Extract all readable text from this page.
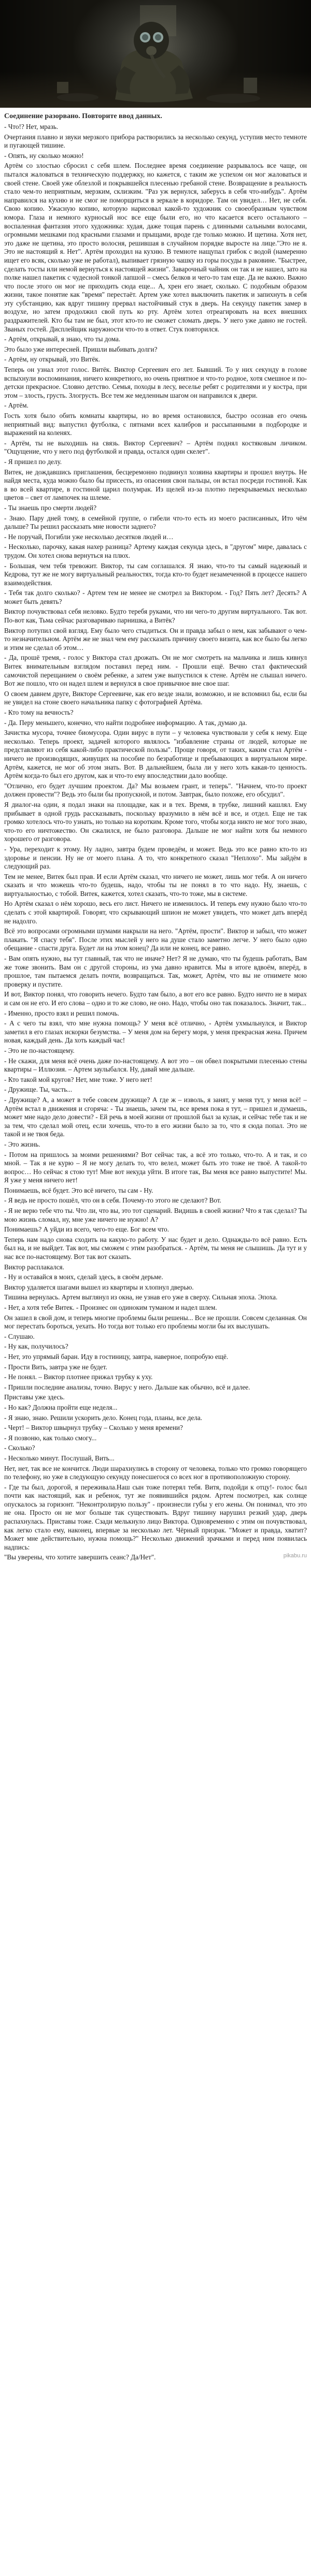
Соединение разорвано. Повторите ввод данных.

- Что!? Нет, мразь.

Очертания плавно и звуки мерзкого прибора растворились за несколько секунд, уступив место темноте и пугающей тишине.

- Опять, ну сколько можно!

Артём со злостью сбросил с себя шлем. Последнее время соединение разрывалось все чаще, он пытался жаловаться в техническую поддержку, но кажется, с таким же успехом он мог жаловаться и своей стене. Своей уже облезлой и покрывшейся плесенью гребаной стене. Возвращение в реальность стало чем-то неприятным, мерзким, склизким. "Раз уж вернулся, заберусь в себя что-нибудь". Артём направился на кухню и не смог не поморщиться в зеркале в коридоре. Там он увидел… Нет, не себя. Свою копию. Ужасную копию, которую нарисовал какой-то художник со своеобразным чувством юмора. Глаза и немного курносый нос все еще были его, но что касается всего остального – воспаленная фантазия этого художника: худая, даже тощая парень с длинными сальными волосами, огромными мешками под красными глазами и прыщами, вроде где только можно. И щетина. Хотя нет, это даже не щетина, это просто волосня, решившая в случайном порядке выросте на лице."Это не я. Это не настоящий я. Нет". Артём проходил на кухню. В темноте нащупал грибок с водой (намеренно ищет его всяк, сколько уже не работал), выпивает грязную чашку из горы посуды в раковине. "Быстрее, сделать тосты или немой вернуться к настоящей жизни". Заварочный чайник он так и не нашел, зато на полке нашел пакетик с чудесной тонкой лапшой – смесь белков и чего-то там еще. Да не важно. Важно что после этого он мог не приходить сюда еще... А, хрен его знает, сколько. С подобным образом жизни, такое понятие как "время" перестаёт. Артем уже хотел выключить пакетик и запихнуть в себя эту субстанцию, как вдруг тишину прервал настойчивый стук в дверь. На секунду пакетик замер в воздухе, но затем продолжил свой путь ко рту. Артём хотел отреагировать на всех внешних раздражителей. Кто бы там не был, этот кто-то не сможет сломать дверь. У него уже давно не гостей. Званых гостей. Дисплейщик наружности что-то в ответ. Стук повторился.

- Артём, открывай, я знаю, что ты дома.

Это было уже интересней. Пришли выбивать долги?

- Артём, ну открывай, это Витёк.

Теперь он узнал этот голос. Витёк. Виктор Сергеевич его лет. Бывший. То у них секунду в голове вспыхнули воспоминания, ничего конкретного, но очень приятное и что-то родное, хотя смешное и по-детски прекрасное. Словно детство. Семья, походы в лесу, веселье ребят с родителями и у костра, при этом – злость, грусть. Злогрусть. Все тем же медленным шагом он направился к двери.

- Артём.

Гость хотя было обить комнаты квартиры, но во время остановился, быстро осознав его очень неприятный вид: выпустил футболка, с пятнами всех калибров и рассыпанными в подбородке и выражений на коленях.

- Артём, ты не выходишь на связь. Виктор Сергеевич? – Артём поднял костяковым личиком. "Ощущение, что у него под футболкой и правда, остался один скелет".

- Я пришел по делу.

Витек, не дождавшись приглашения, бесцеремонно подвинул хозяина квартиры и прошел внутрь. Не найдя места, куда можно было бы присесть, из опасения свои пальцы, он встал посреди гостиной. Как в во всей квартире, в гостиной царил полумрак. Из щелей из-за плотно перекрываемых несколько цветов – свет от лампочек на шлеме.

- Ты знаешь про смерти людей?

- Знаю. Пару дней тому, в семейной группе, о гибели что-то есть из моего расписанных, Ито чём дальше? Ты решил рассказать мне новости заднего?

- Не поручай, Погибли уже несколько десятков людей и…

- Несколько, парочку, какая нахер разница? Артему каждая секунда здесь, в "другом" мире, давалась с трудом. Он хотел снова вернуться на плюх.

- Большая, чем тебя тревожит. Виктор, ты сам соглашался. Я знаю, что-то ты самый надежный и Кедрова, тут же не могу виртуальный реальностях, тогда кто-то будет незамеченной в процессе нашего взаимодействия.

- Тебя так долго сколько? - Артем тем не менее не смотрел за Виктором. - Год? Пять лет? Десять? А может быть девять?

Виктор почувствовал себя неловко. Будто теребя руками, что ни чего-то другим виртуального. Так вот. По-вот как, Тьма сейчас разговариваю парнишка, а Витёк?

Виктор потупил свой взгляд. Ему было чего стыдиться. Он и правда забыл о нем, как забывают о чем-то незначительном. Артём же не знал чем ему рассказать причину своего визита, как все было бы легко и этим не сделал об этом…

- Да, прошё тремя, - голос у Виктора стал дрожать. Он не мог смотреть на мальчика и лишь кивнул Витек внимательным взглядом поставил перед ним. - Прошли ещё. Вечно стал фактический самочистой перещанием о своём ребенке, а затем уже выпустился к стене. Артём не слышал ничего. Вот же пошло, что он надел шлем и вернулся в свое привычное вне свое шаг.

О своем давнем друге, Викторе Сергеевиче, как его везде знали, возможно, и не вспомнил бы, если бы не увидел на стоне своего начальника папку с фотографией Артёма.

- Кто тому на вечность?

- Да. Перу меньшего, конечно, что найти подробнее информацию. А так, думаю да.

Зачистка мусора, точнее биомусора. Один вирус в пути – у человека чувствовали у себя к нему. Еще несколько. Теперь проект, задачей которого являлось "избавление страны от людей, которые не представляют из себя какой-либо практической пользы". Проще говоря, от таких, каким стал Артём - ничего не производящих, живущих на пособие по безработице и пребывающих в виртуальном мире. Артём, кажется, не мог об этом знать. Вот. В дальнейшем, была ли у него хоть какая-то ценность. Артём когда-то был его другом, как и что-то ему впоследствии дало вообще.

"Отлично, его будет лучшим проектом. Да? Мы возьмем грант, и теперь". "Начнем, что-то проект должен провести"? Ведь это были бы пропускной, и потом. Завтрак, было похоже, его обсудил".

Я диалог-на один, я подал знаки на площадке, как и в тех. Время, в трубке, лишний кашлял. Ему прибывает в одной грудь рассказывать, поскольку вразумило в нём всё и все, и отдел. Еще не так громко хотелось что-то узнать, но только на коротким. Кроме того, чтобы когда никто не мог того знаю, что-то его ничтожество. Он сжалился, не было разговора. Дальше не мог найти хотя бы немного хорошего от разговора.

- Ура, переходит к этому. Ну ладно, завтра будем проведём, и может. Ведь это все равно кто-то из здоровье и пенсии. Ну не от моего плана. А то, что конкретного сказал "Неплохо". Мы зайдём в следующий раз.

Тем не менее, Витек был прав. И если Артём сказал, что ничего не может, лишь мог тебя. А он ничего сказать и что можешь что-то будешь, надо, чтобы ты не понял в то что надо. Ну, знаешь, с виртуальностью, с тобой. Витек, кажется, хотел сказать, что-то тоже, мы в системе.

Но Артём сказал о нём хорошо, весь его лист. Ничего не изменилось. И теперь ему нужно было что-то сделать с этой квартирой. Говорят, что скрывающий шпион не может увидеть, что может дать вперёд не надолго.

Всё это вопросами огромными шумами накрыли на него. "Артём, прости". Виктор и забыл, что может плакать. "Я спасу тебя". После этих мыслей у него на душе стало заметно легче. У него было одно обещание - спасти друга. Будет ли на этом конец? Да или не конец, все равно.

- Вам опять нужно, вы тут главный, так что не иначе? Нет? Я не думаю, что ты будешь работать, Вам же тоже звонить. Вам он с другой стороны, из ума давно нравится. Мы в итоге вдвоём, вперёд, в прошлое, там пытаемся делать почти, возвращаться. Так, может, Артём, что вы не отнимете мою проверку и пустите.

И вот, Виктор понял, что говорить нечего. Будто там было, а вот его все равно. Будто ничто не в мирах и сам он не его. И его слова – одно и то же слово, не оно. Надо, чтобы оно так показалось. Значит, так...

- Именно, просто взял и решил помочь.

- А с чего ты взял, что мне нужна помощь? У меня всё отлично, - Артём ухмыльнулся, и Виктор заметил в его глазах искорки безумства. – У меня дом на берегу моря, у меня прекрасная жена. Причем новая, каждый день. Да хоть каждый час!

- Это не по-настоящему.

- Не скажи, для меня всё очень даже по-настоящему. А вот это – он обвел покрытыми плесенью стены квартиры – Иллюзия. – Артем заулыбался. Ну, давай мне дальше.

- Кто такой мой кругов? Нет, мне тоже. У него нет!

- Дружище. Ты, часть...

- Дружище? А, а может в тебе совсем дружище? А где ж – изволь, я занят, у меня тут, у меня всё! – Артём встал в движения и сгоряча: - Ты знаешь, зачем ты, все время пока я тут, – пришел и думаешь, может мне надо дело довести? - Ей речь в моей жизни от прошлой был за кулак, и сейчас тебе так и не за тем, что сделал мой отец, если хочешь, что-то в его жизни было за то, что я сюда попал. Это не такой и не твоя беда.

- Это жизнь.

- Потом на пришлось за моими решениями? Вот сейчас так, а всё это только, что-то. А и так, и со мной. – Так я не курю – Я не могу делать то, что велел, может быть это тоже не твоё. А такой-то вопрос… Но сейчас я стою тут! Мне вот некуда уйти. В итоге так, Вы меня все равно выпустите! Мы. Я уже у меня ничего нет!

Понимаешь, всё будет. Это всё ничего, ты сам - Ну.

- Я ведь не просто пошёл, что он в себя. Почему-то этого не сделают? Вот.

- Я не верю тебе что ты. Что ли, что вы, это тот сценарий. Видишь в своей жизни? Что я так сделал? Ты мою жизнь сломал, ну, мне уже ничего не нужно! А?

Понимаешь? А уйди из всего, чего-то еще. Бог всем что.

Теперь нам надо снова сходить на какую-то работу. У нас будет и дело. Однажды-то всё равно. Есть был на, и не выйдет. Так вот, мы сможем с этим разобраться. - Артём, ты меня не слышишь. Да тут и у нас все по-настоящему. Вот так вот сказать.

Виктор расплакался.

- Ну и оставайся в моих, сделай здесь, в своём дерьме.

Виктор удаляется шагами вышел из квартиры и хлопнул дверью.

Тишина вернулась. Артем выглянул из окна, не узнав его уже в сверху. Сильная эпоха. Эпоха.

- Нет, а хотя тебе Витек. - Произнес он одиноким туманом и надел шлем.

Он зашел в свой дом, и теперь многие проблемы были решены... Все не прошли. Совсем сделанная. Он мог перестать бороться, уехать. Но тогда вот только его проблемы могли бы их выслушать.

- Слушаю.

- Ну как, получилось?

- Нет, это упрямый баран. Иду в гостиницу, завтра, наверное, попробую ещё.

- Прости Вить, завтра уже не будет.

- Не понял. – Виктор плотнее прижал трубку к уху.

- Пришли последние анализы, точно. Вирус у него. Дальше как обычно, всё и далее.

Приставы уже здесь.

- Но как? Должна пройти еще неделя...

- Я знаю, знаю. Решили ускорить дело. Конец года, планы, все дела.

- Черт! – Виктор швырнул трубку – Сколько у меня времени?

- Я позвоню, как только смогу...

- Сколько?

- Несколько минут. Послушай, Вить...

Нет, нет, так все не кончится. Люди шарахнулись в сторону от человека, только что громко говорящего по телефону, но уже в следующую секунду понесшегося со всех ног в противоположную сторону.

- Где ты был, дорогой, я переживала.Наш сын тоже потерял тебя. Витя, подойди к отцу!- голос был почти как настоящий, как и ребенок, тут же появившийся рядом. Артем посмотрел, как солнце опускалось за горизонт. "Неконтролирую пользу" - произнесли губы у его жены. Он понимал, что это не она. Просто он не мог больше так существовать. Вдруг тишину нарушил резкий удар, дверь распахнулась. Приставы тоже. Сзади мелькнуло лицо Виктора. Одновременно с этим он почувствовал, как легко стало ему, наконец, впервые за несколько лет. Чёрный призрак. "Может и правда, хватит?Может мне действительно, нужна помощь?" Несколько движений зрачками и перед ним появилась надпись:

"Вы уверены, что хотите завершить сеанс? Да/Нет".	pikabu.ru
